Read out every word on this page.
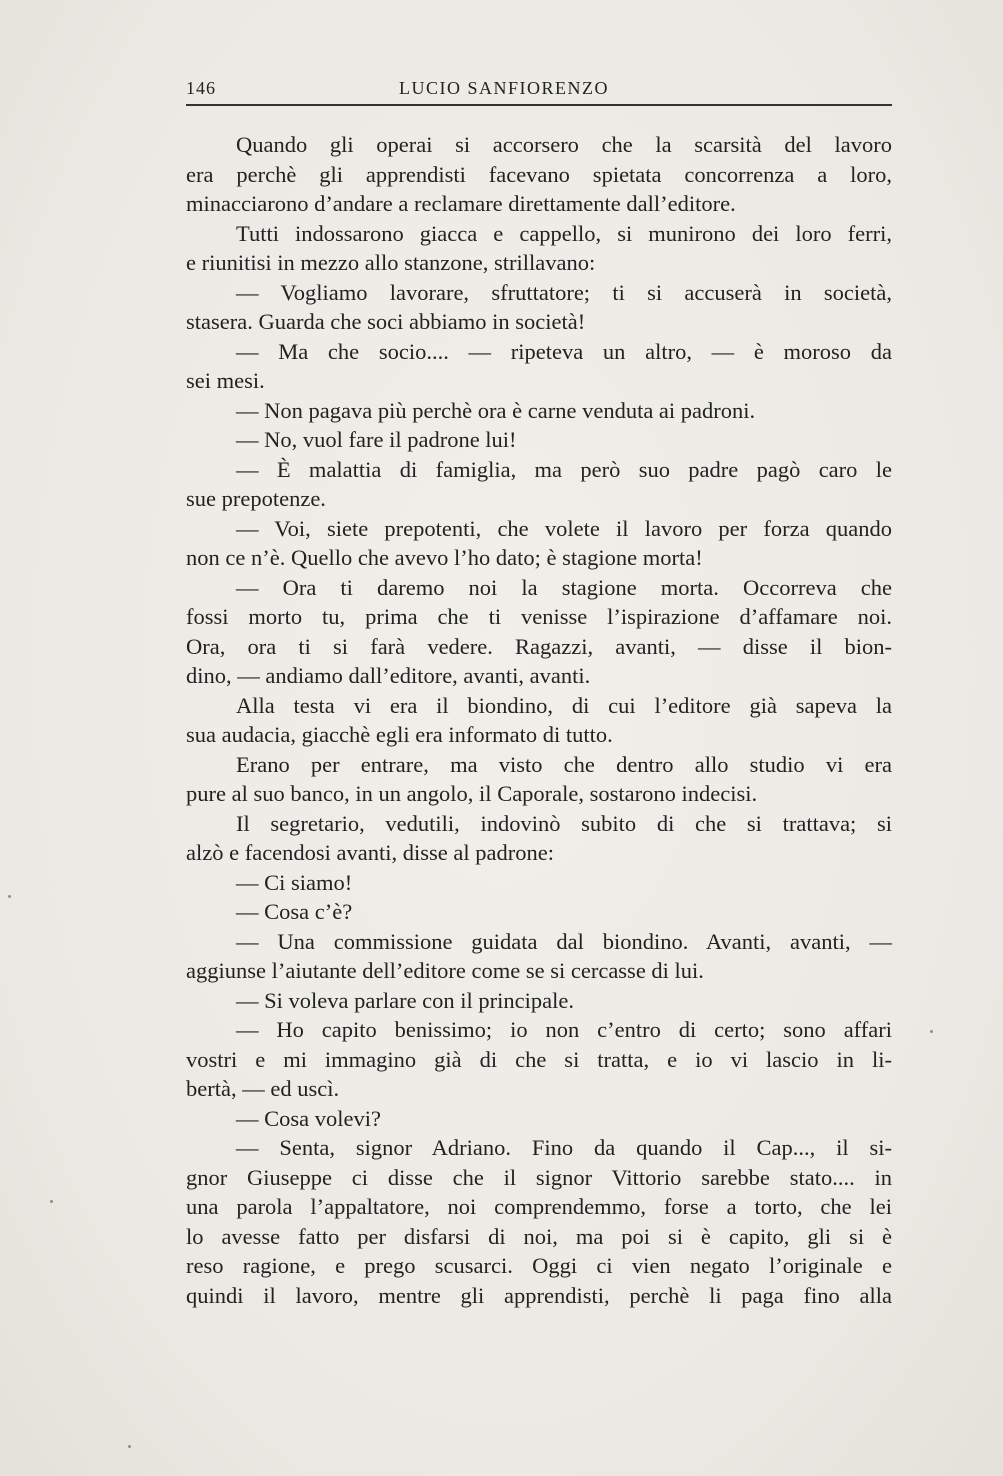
146	LUCIO SANFIORENZO
Quando gli operai si accorsero che la scarsità del lavoro
era perchè gli apprendisti facevano spietata concorrenza a loro,
minacciarono d’andare a reclamare direttamente dall’editore.
Tutti indossarono giacca e cappello, si munirono dei loro ferri,
e riunitisi in mezzo allo stanzone, strillavano:
— Vogliamo lavorare, sfruttatore; ti si accuserà in società,
stasera. Guarda che soci abbiamo in società!
— Ma che socio.... — ripeteva un altro, — è moroso da
sei mesi.
— Non pagava più perchè ora è carne venduta ai padroni.
— No, vuol fare il padrone lui!
— È malattia di famiglia, ma però suo padre pagò caro le
sue prepotenze.
— Voi, siete prepotenti, che volete il lavoro per forza quando
non ce n’è. Quello che avevo l’ho dato; è stagione morta!
— Ora ti daremo noi la stagione morta. Occorreva che
fossi morto tu, prima che ti venisse l’ispirazione d’affamare noi.
Ora, ora ti si farà vedere. Ragazzi, avanti, — disse il bion-
dino, — andiamo dall’editore, avanti, avanti.
Alla testa vi era il biondino, di cui l’editore già sapeva la
sua audacia, giacchè egli era informato di tutto.
Erano per entrare, ma visto che dentro allo studio vi era
pure al suo banco, in un angolo, il Caporale, sostarono indecisi.
Il segretario, vedutili, indovinò subito di che si trattava; si
alzò e facendosi avanti, disse al padrone:
— Ci siamo!
— Cosa c’è?
— Una commissione guidata dal biondino. Avanti, avanti, —
aggiunse l’aiutante dell’editore come se si cercasse di lui.
— Si voleva parlare con il principale.
— Ho capito benissimo; io non c’entro di certo; sono affari
vostri e mi immagino già di che si tratta, e io vi lascio in li-
bertà, — ed uscì.
— Cosa volevi?
— Senta, signor Adriano. Fino da quando il Cap..., il si-
gnor Giuseppe ci disse che il signor Vittorio sarebbe stato.... in
una parola l’appaltatore, noi comprendemmo, forse a torto, che lei
lo avesse fatto per disfarsi di noi, ma poi si è capito, gli si è
reso ragione, e prego scusarci. Oggi ci vien negato l’originale e
quindi il lavoro, mentre gli apprendisti, perchè li paga fino alla
